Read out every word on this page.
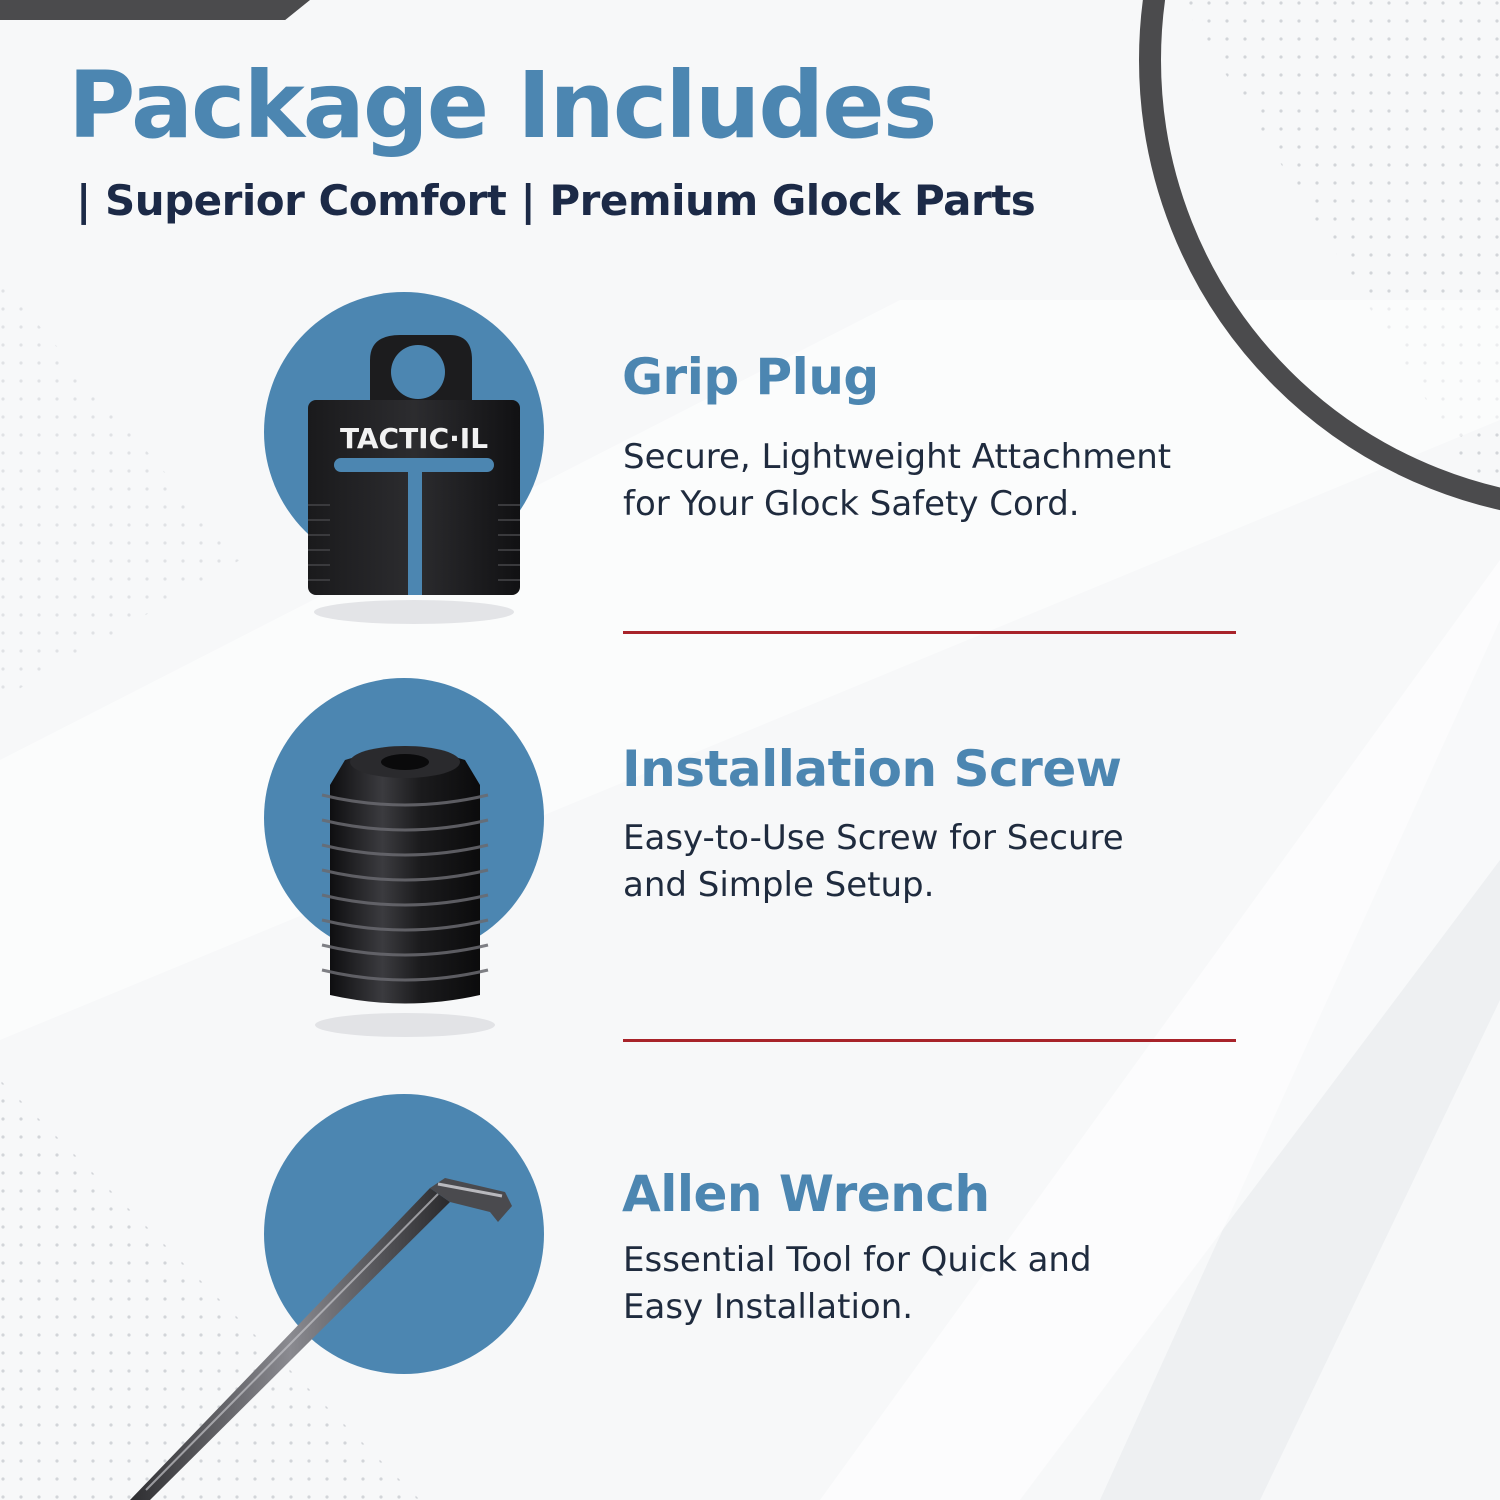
Package Includes
| Superior Comfort | Premium Glock Parts
TACTIC·IL
Grip Plug
Secure, Lightweight Attachment
for Your Glock Safety Cord.
Installation Screw
Easy-to-Use Screw for Secure
and Simple Setup.
Allen Wrench
Essential Tool for Quick and
Easy Installation.
